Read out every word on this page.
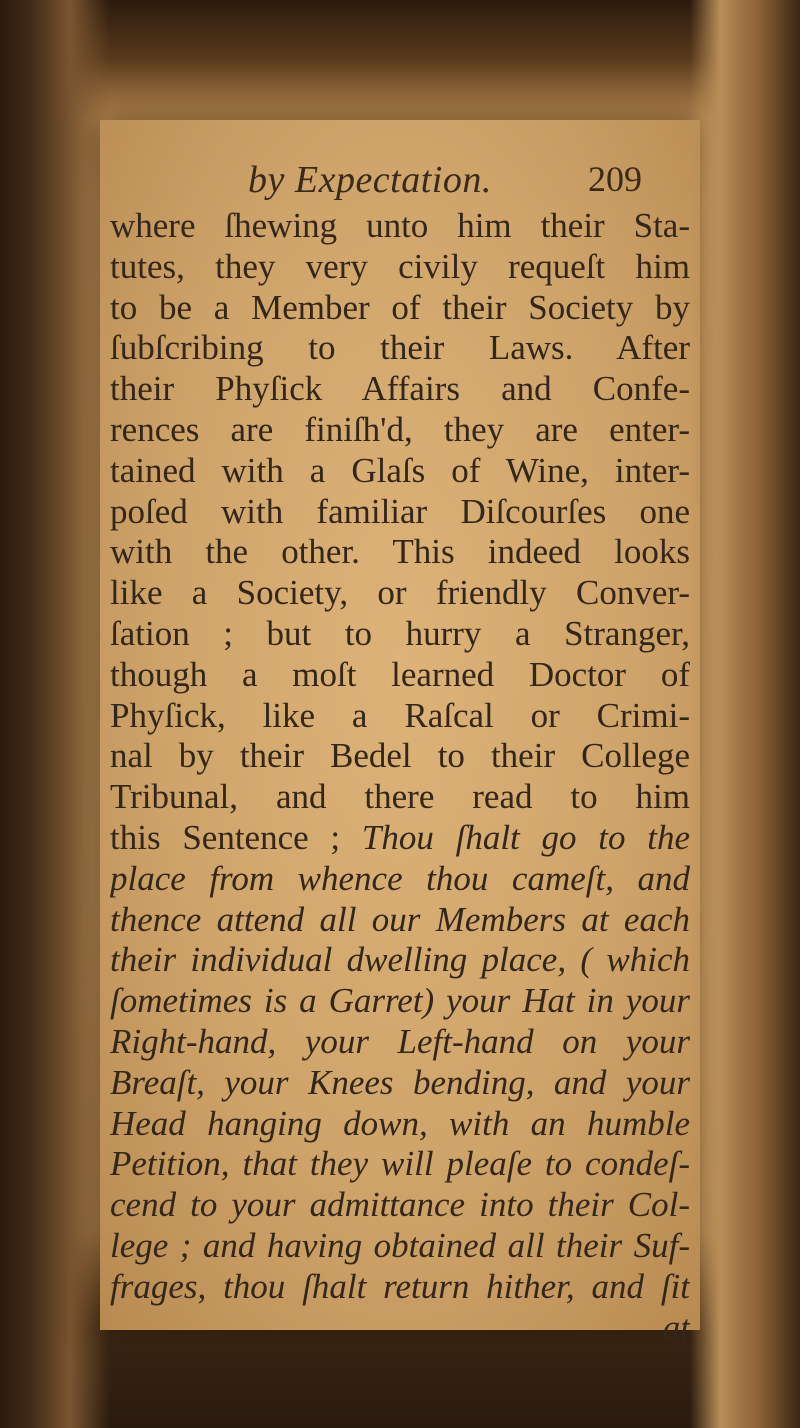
by Expectation.	209
where ſhewing unto him their Sta-
tutes, they very civily requeſt him
to be a Member of their Society by
ſubſcribing to their Laws. After
their Phyſick Affairs and Confe-
rences are finiſh'd, they are enter-
tained with a Glaſs of Wine, inter-
poſed with familiar Diſcourſes one
with the other. This indeed looks
like a Society, or friendly Conver-
ſation ; but to hurry a Stranger,
though a moſt learned Doctor of
Phyſick, like a Raſcal or Crimi-
nal by their Bedel to their College
Tribunal, and there read to him
this Sentence ; Thou ſhalt go to the
place from whence thou cameſt, and
thence attend all our Members at each
their individual dwelling place, ( which
ſometimes is a Garret) your Hat in your
Right-hand, your Left-hand on your
Breaſt, your Knees bending, and your
Head hanging down, with an humble
Petition, that they will pleaſe to condeſ-
cend to your admittance into their Col-
lege ; and having obtained all their Suf-
frages, thou ſhalt return hither, and ſit
at
